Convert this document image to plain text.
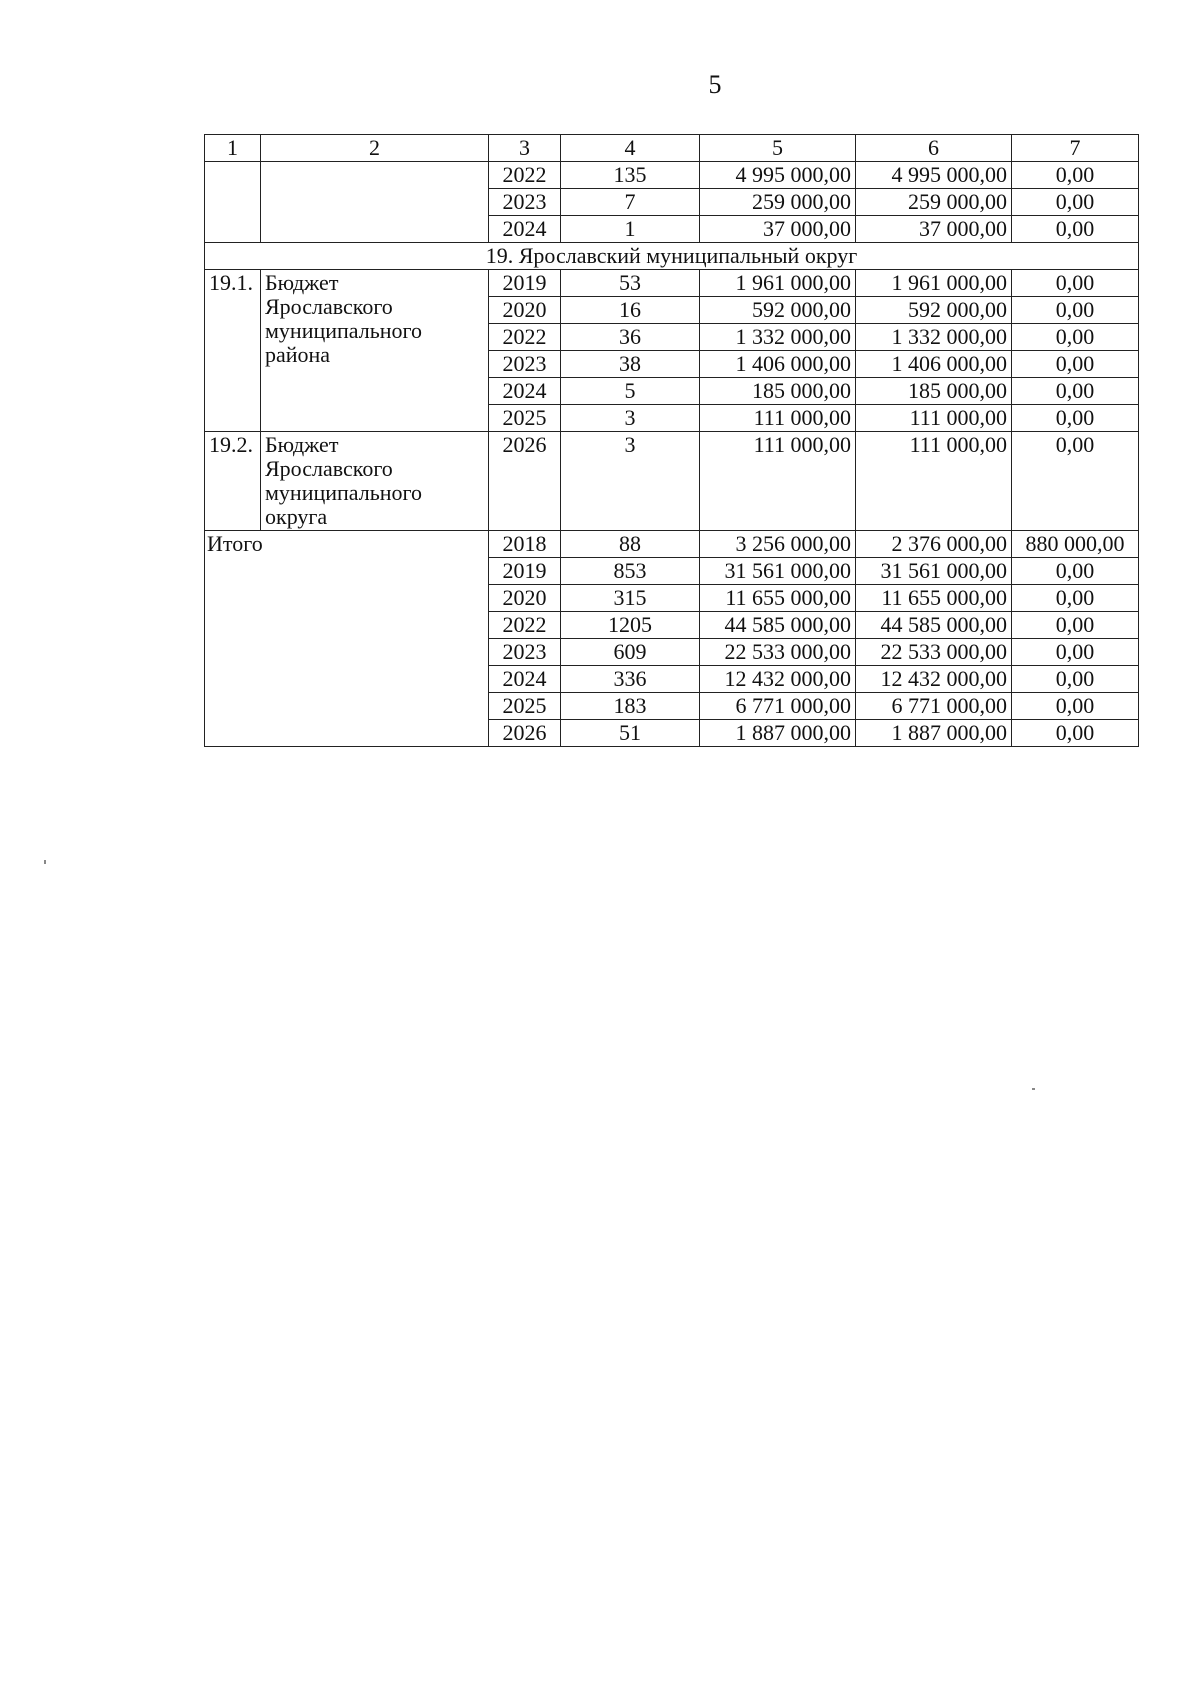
5
1	2	3	4	5	6	7
		2022	135	4 995 000,00	4 995 000,00	0,00
		2023	7	259 000,00	259 000,00	0,00
		2024	1	37 000,00	37 000,00	0,00
19. Ярославский муниципальный округ						
19.1.	Бюджет
Ярославского
муниципального
района	2019	53	1 961 000,00	1 961 000,00	0,00
		2020	16	592 000,00	592 000,00	0,00
		2022	36	1 332 000,00	1 332 000,00	0,00
		2023	38	1 406 000,00	1 406 000,00	0,00
		2024	5	185 000,00	185 000,00	0,00
		2025	3	111 000,00	111 000,00	0,00
19.2.	Бюджет
Ярославского
муниципального
округа	2026	3	111 000,00	111 000,00	0,00
Итого		2018	88	3 256 000,00	2 376 000,00	880 000,00
		2019	853	31 561 000,00	31 561 000,00	0,00
		2020	315	11 655 000,00	11 655 000,00	0,00
		2022	1205	44 585 000,00	44 585 000,00	0,00
		2023	609	22 533 000,00	22 533 000,00	0,00
		2024	336	12 432 000,00	12 432 000,00	0,00
		2025	183	6 771 000,00	6 771 000,00	0,00
		2026	51	1 887 000,00	1 887 000,00	0,00
